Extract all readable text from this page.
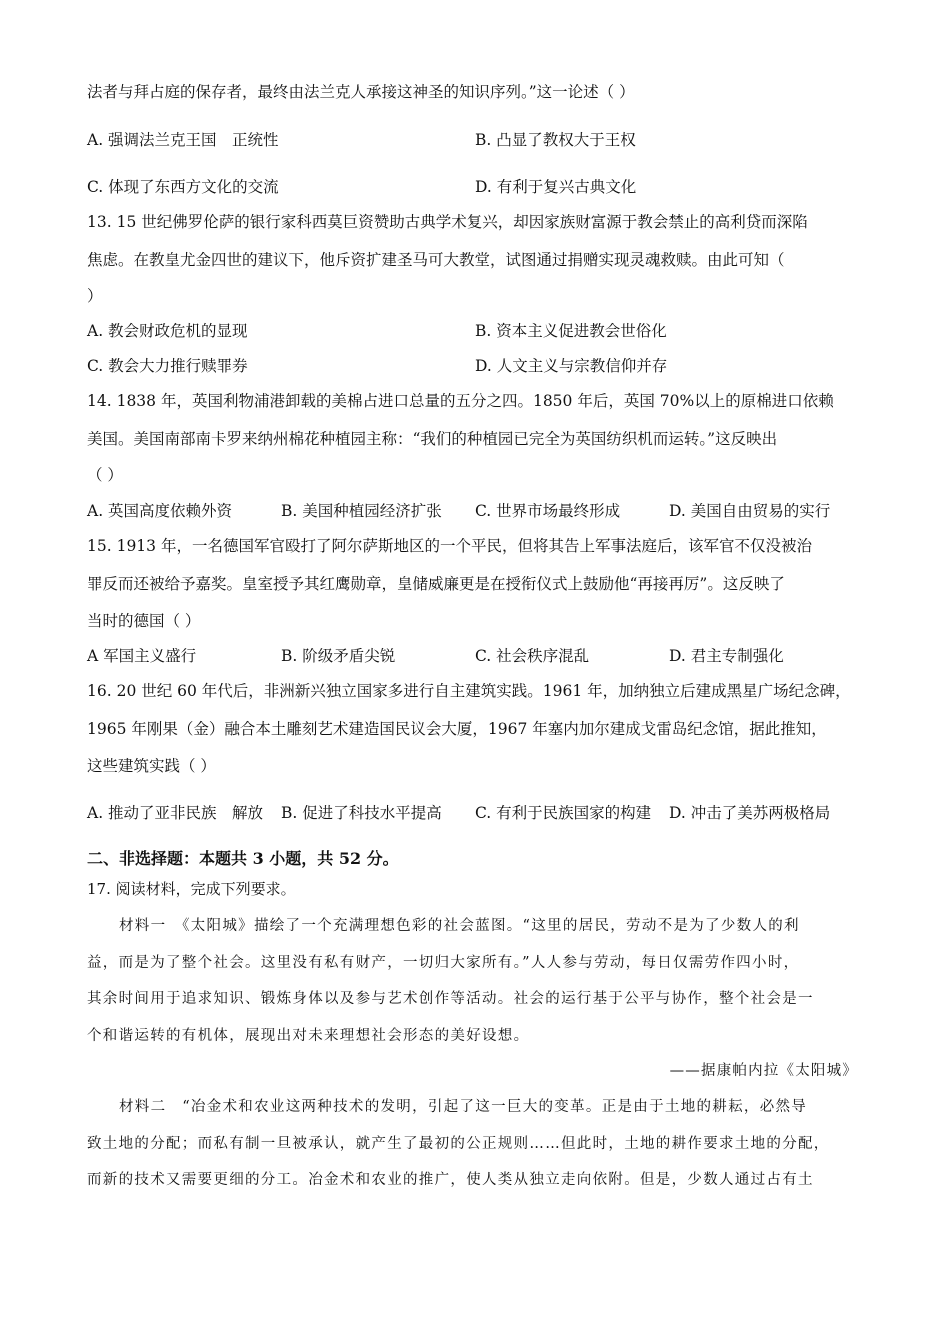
法者与拜占庭的保存者，最终由法兰克人承接这神圣的知识序列。”这一论述（ ）
A. 强调法兰克王国　正统性	B. 凸显了教权大于王权
C. 体现了东西方文化的交流	D. 有利于复兴古典文化
13. 15 世纪佛罗伦萨的银行家科西莫巨资赞助古典学术复兴，却因家族财富源于教会禁止的高利贷而深陷
焦虑。在教皇尤金四世的建议下，他斥资扩建圣马可大教堂，试图通过捐赠实现灵魂救赎。由此可知（
）
A. 教会财政危机的显现	B. 资本主义促进教会世俗化
C. 教会大力推行赎罪券	D. 人文主义与宗教信仰并存
14. 1838 年，英国利物浦港卸载的美棉占进口总量的五分之四。1850 年后，英国 70%以上的原棉进口依赖
美国。美国南部南卡罗来纳州棉花种植园主称：“我们的种植园已完全为英国纺织机而运转。”这反映出
（ ）
A. 英国高度依赖外资	B. 美国种植园经济扩张 C. 世界市场最终形成	D. 美国自由贸易的实行
15. 1913 年，一名德国军官殴打了阿尔萨斯地区的一个平民，但将其告上军事法庭后，该军官不仅没被治
罪反而还被给予嘉奖。皇室授予其红鹰勋章，皇储威廉更是在授衔仪式上鼓励他“再接再厉”。这反映了
当时的德国（ ）
A 军国主义盛行	B. 阶级矛盾尖锐	C. 社会秩序混乱	D. 君主专制强化
16. 20 世纪 60 年代后，非洲新兴独立国家多进行自主建筑实践。1961 年，加纳独立后建成黑星广场纪念碑，
1965 年刚果（金）融合本土雕刻艺术建造国民议会大厦，1967 年塞内加尔建成戈雷岛纪念馆，据此推知，
这些建筑实践（ ）
A. 推动了亚非民族　解放 B. 促进了科技水平提高 C. 有利于民族国家的构建 D. 冲击了美苏两极格局
二、非选择题：本题共 3 小题，共 52 分。
17. 阅读材料，完成下列要求。
材料一　《太阳城》描绘了一个充满理想色彩的社会蓝图。“这里的居民，劳动不是为了少数人的利
益，而是为了整个社会。这里没有私有财产，一切归大家所有。”人人参与劳动，每日仅需劳作四小时，
其余时间用于追求知识、锻炼身体以及参与艺术创作等活动。社会的运行基于公平与协作，整个社会是一
个和谐运转的有机体，展现出对未来理想社会形态的美好设想。
——据康帕内拉《太阳城》
材料二　“冶金术和农业这两种技术的发明，引起了这一巨大的变革。正是由于土地的耕耘，必然导
致土地的分配；而私有制一旦被承认，就产生了最初的公正规则……但此时，土地的耕作要求土地的分配，
而新的技术又需要更细的分工。冶金术和农业的推广，使人类从独立走向依附。但是，少数人通过占有土
